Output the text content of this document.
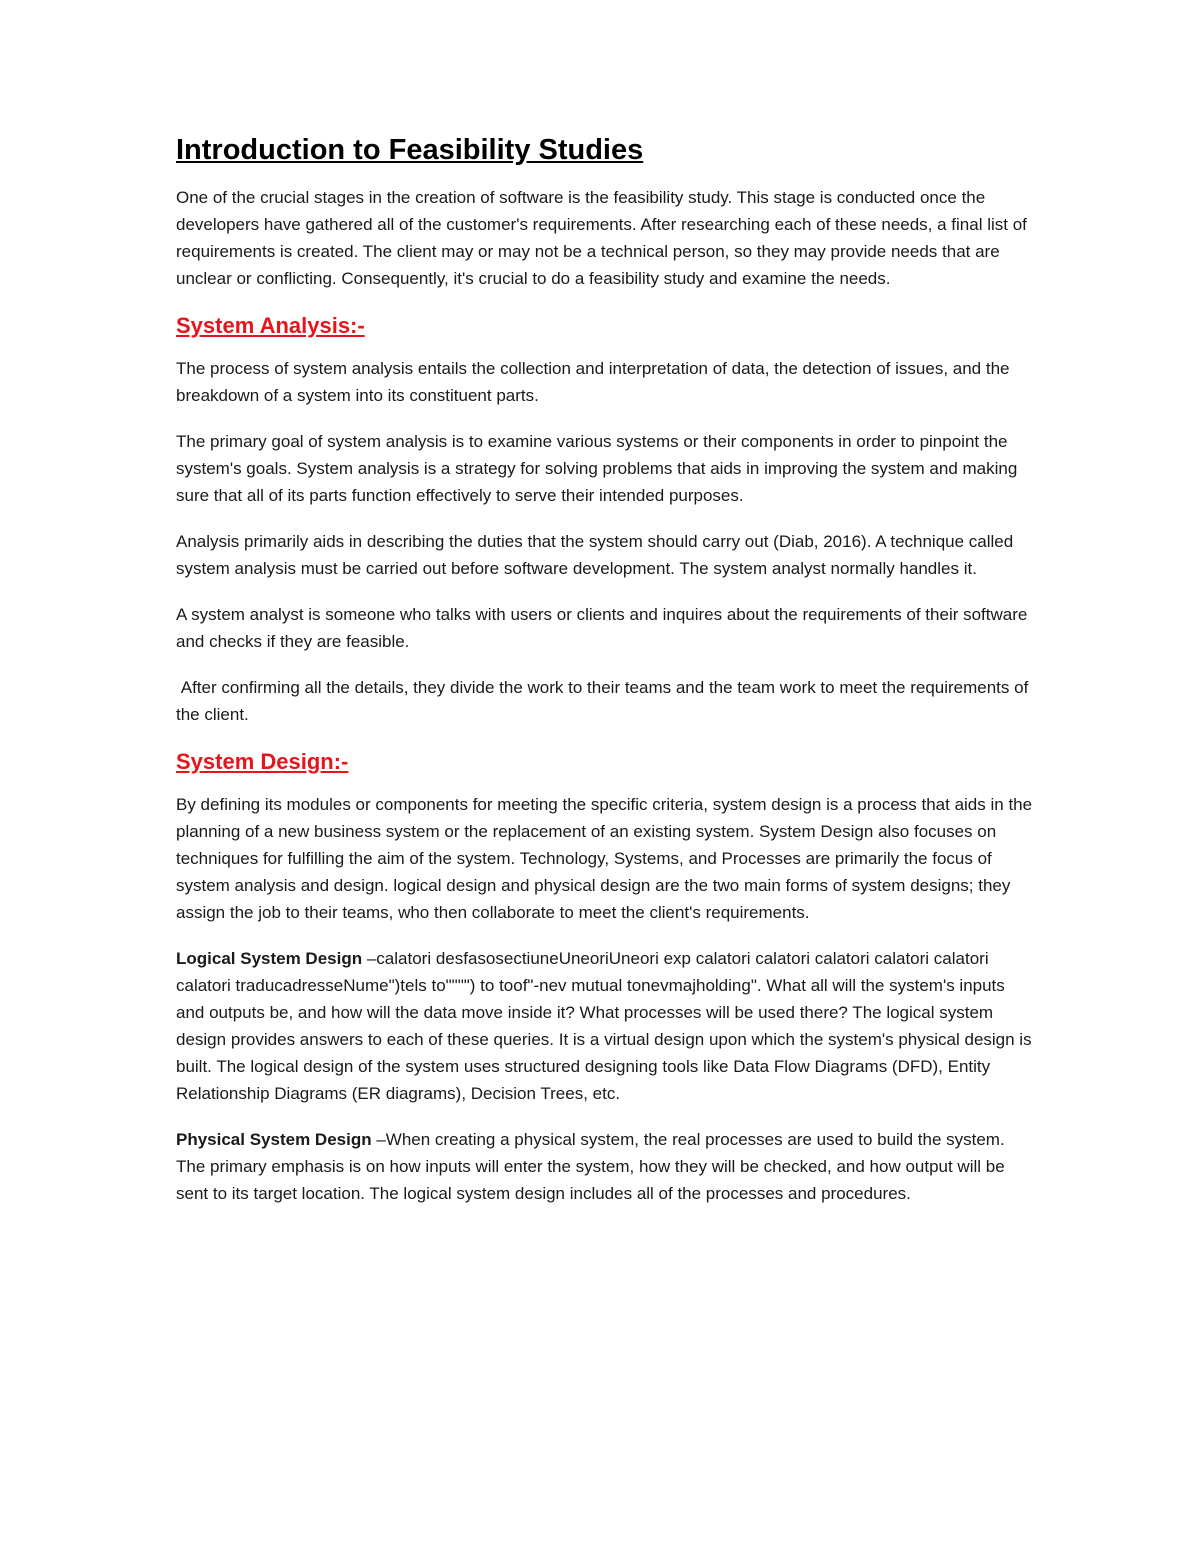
Introduction to Feasibility Studies

One of the crucial stages in the creation of software is the feasibility study. This stage is conducted once the developers have gathered all of the customer's requirements. After researching each of these needs, a final list of requirements is created. The client may or may not be a technical person, so they may provide needs that are unclear or conflicting. Consequently, it's crucial to do a feasibility study and examine the needs.

System Analysis:-

The process of system analysis entails the collection and interpretation of data, the detection of issues, and the breakdown of a system into its constituent parts.

The primary goal of system analysis is to examine various systems or their components in order to pinpoint the system's goals. System analysis is a strategy for solving problems that aids in improving the system and making sure that all of its parts function effectively to serve their intended purposes.

Analysis primarily aids in describing the duties that the system should carry out (Diab, 2016). A technique called system analysis must be carried out before software development. The system analyst normally handles it.

A system analyst is someone who talks with users or clients and inquires about the requirements of their software and checks if they are feasible.

After confirming all the details, they divide the work to their teams and the team work to meet the requirements of the client.

System Design:-

By defining its modules or components for meeting the specific criteria, system design is a process that aids in the planning of a new business system or the replacement of an existing system. System Design also focuses on techniques for fulfilling the aim of the system. Technology, Systems, and Processes are primarily the focus of system analysis and design. logical design and physical design are the two main forms of system designs; they assign the job to their teams, who then collaborate to meet the client's requirements.

Logical System Design –calatori desfasosectiuneUneoriUneori exp calatori calatori calatori calatori calatori calatori traducadresseNume")tels to"""") to toof"-nev mutual tonevmajholding". What all will the system's inputs and outputs be, and how will the data move inside it? What processes will be used there? The logical system design provides answers to each of these queries. It is a virtual design upon which the system's physical design is built. The logical design of the system uses structured designing tools like Data Flow Diagrams (DFD), Entity Relationship Diagrams (ER diagrams), Decision Trees, etc.

Physical System Design –When creating a physical system, the real processes are used to build the system. The primary emphasis is on how inputs will enter the system, how they will be checked, and how output will be sent to its target location. The logical system design includes all of the processes and procedures.
